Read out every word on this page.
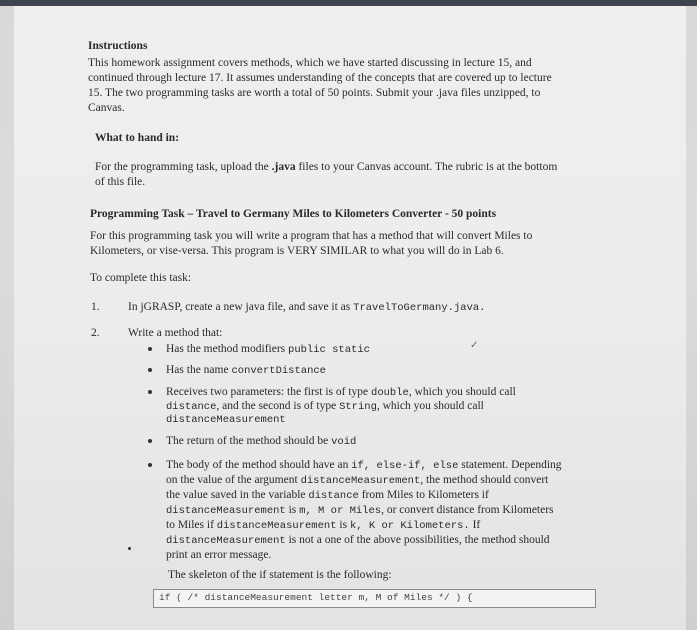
Instructions
This homework assignment covers methods, which we have started discussing in lecture 15, and
continued through lecture 17. It assumes understanding of the concepts that are covered up to lecture
15. The two programming tasks are worth a total of 50 points. Submit your .java files unzipped, to
Canvas.
What to hand in:
For the programming task, upload the .java files to your Canvas account. The rubric is at the bottom
of this file.
Programming Task – Travel to Germany Miles to Kilometers Converter - 50 points
For this programming task you will write a program that has a method that will convert Miles to
Kilometers, or vise-versa. This program is VERY SIMILAR to what you will do in Lab 6.
To complete this task:
1. In jGRASP, create a new java file, and save it as TravelToGermany.java.
2. Write a method that:
Has the method modifiers public static	✓
Has the name convertDistance
Receives two parameters: the first is of type double, which you should call
distance, and the second is of type String, which you should call
distanceMeasurement
The return of the method should be void
The body of the method should have an if, else-if, else statement. Depending
on the value of the argument distanceMeasurement, the method should convert
the value saved in the variable distance from Miles to Kilometers if
distanceMeasurement is m, M or Miles, or convert distance from Kilometers
to Miles if distanceMeasurement is k, K or Kilometers. If
distanceMeasurement is not a one of the above possibilities, the method should
print an error message.
The skeleton of the if statement is the following:
if ( /* distanceMeasurement letter m, M of Miles */ ) {
